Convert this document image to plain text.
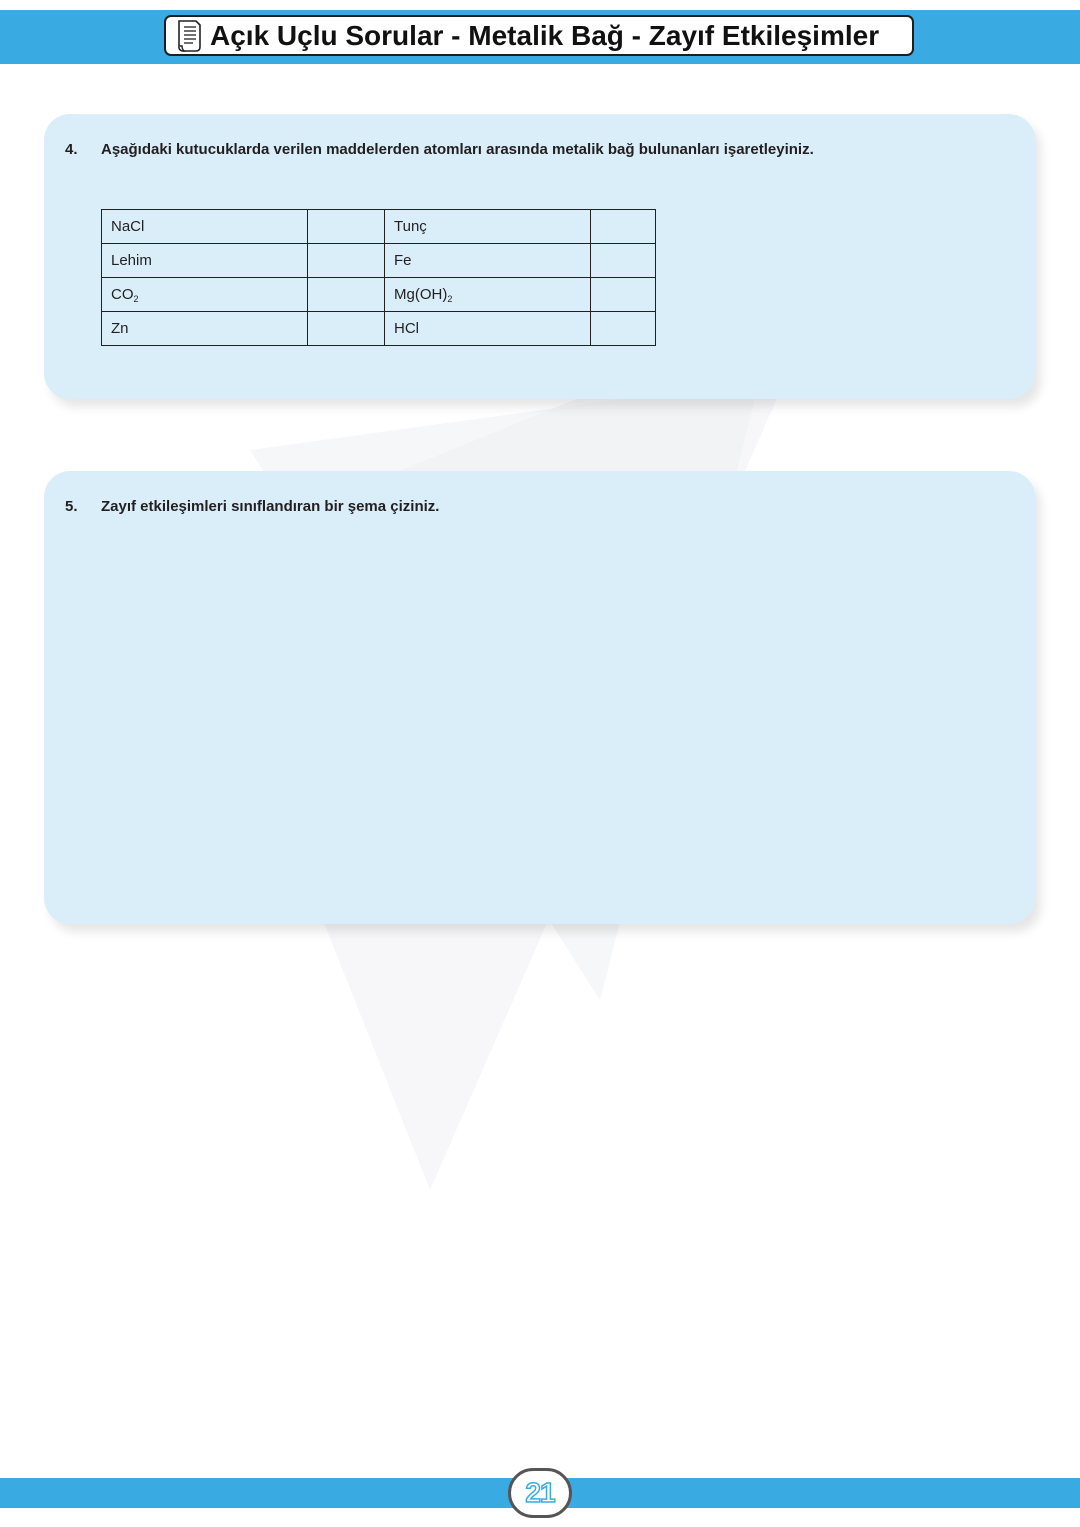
Açık Uçlu Sorular - Metalik Bağ - Zayıf Etkileşimler
4. Aşağıdaki kutucuklarda verilen maddelerden atomları arasında metalik bağ bulunanları işaretleyiniz.
NaCl		Tunç	
Lehim		Fe	
$CO_2$		$Mg(OH)_2$	
Zn		HCl	
5. Zayıf etkileşimleri sınıflandıran bir şema çiziniz.
21
